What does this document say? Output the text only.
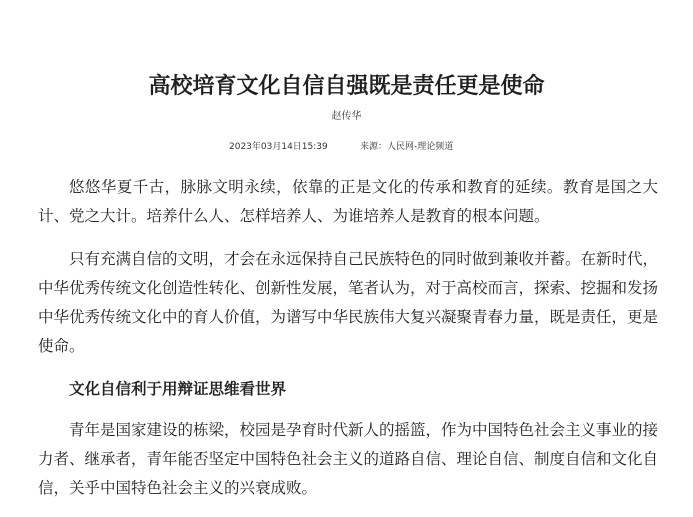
高校培育文化自信自强既是责任更是使命
赵传华
2023年03月14日15:39	来源：人民网-理论频道

悠悠华夏千古，脉脉文明永续，依靠的正是文化的传承和教育的延续。教育是国之大计、党之大计。培养什么人、怎样培养人、为谁培养人是教育的根本问题。

只有充满自信的文明，才会在永远保持自己民族特色的同时做到兼收并蓄。在新时代，中华优秀传统文化创造性转化、创新性发展，笔者认为，对于高校而言，探索、挖掘和发扬中华优秀传统文化中的育人价值，为谱写中华民族伟大复兴凝聚青春力量，既是责任，更是使命。

文化自信利于用辩证思维看世界

青年是国家建设的栋梁，校园是孕育时代新人的摇篮，作为中国特色社会主义事业的接力者、继承者，青年能否坚定中国特色社会主义的道路自信、理论自信、制度自信和文化自信，关乎中国特色社会主义的兴衰成败。
